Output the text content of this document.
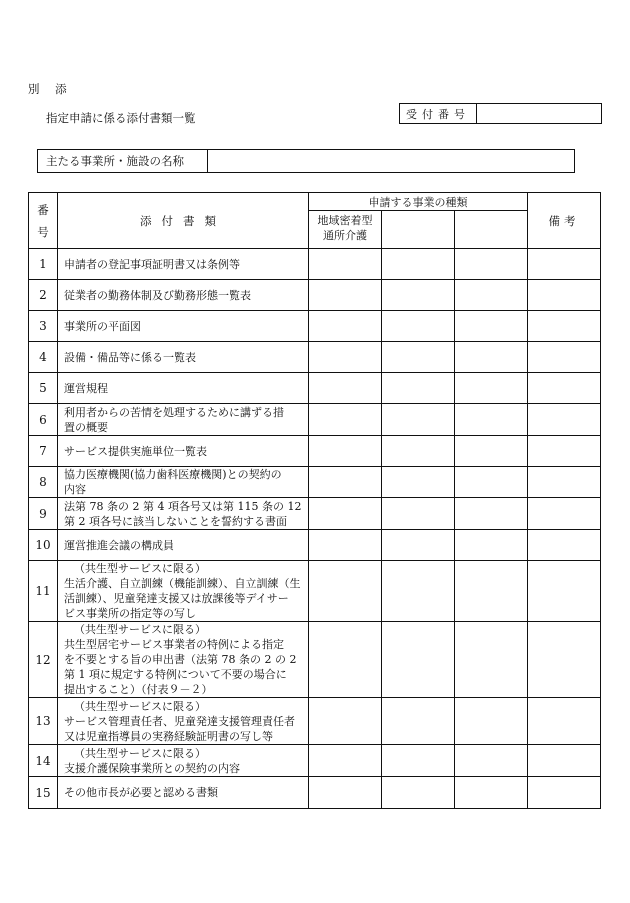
別 添
指定申請に係る添付書類一覧	受付番号
主たる事業所・施設の名称
番
号	添付書類	申請する事業の種類			備考

		地域密着型
通所介護			

1	申請者の登記事項証明書又は条例等				

2	従業者の勤務体制及び勤務形態一覧表				

3	事業所の平面図				

4	設備・備品等に係る一覧表				

5	運営規程				

6	利用者からの苦情を処理するために講ずる措
置の概要				

7	サービス提供実施単位一覧表				

8	協力医療機関(協力歯科医療機関)との契約の
内容				

9	法第 78 条の 2 第 4 項各号又は第 115 条の 12
第 2 項各号に該当しないことを誓約する書面				

10	運営推進会議の構成員				

11	（共生型サービスに限る）
生活介護、自立訓練（機能訓練）、自立訓練（生
活訓練）、児童発達支援又は放課後等デイサー
ビス事業所の指定等の写し				

12	（共生型サービスに限る）
共生型居宅サービス事業者の特例による指定
を不要とする旨の申出書（法第 78 条の 2 の 2
第 1 項に規定する特例について不要の場合に
提出すること）（付表９－２）				

13	（共生型サービスに限る）
サービス管理責任者、児童発達支援管理責任者
又は児童指導員の実務経験証明書の写し等				

14	（共生型サービスに限る）
支援介護保険事業所との契約の内容				

15	その他市長が必要と認める書類				
